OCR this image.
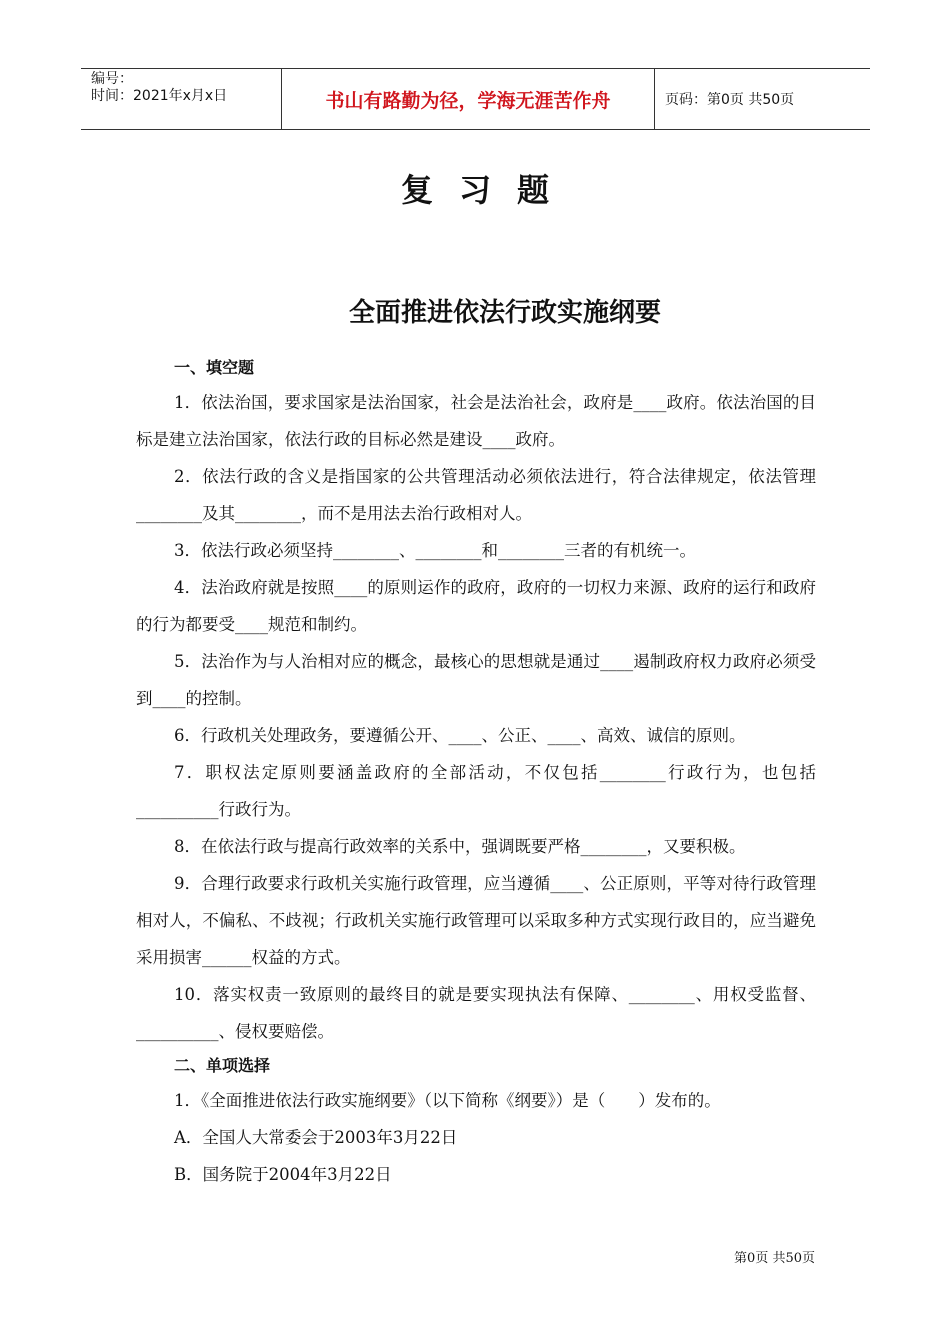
编号：
时间：2021年x月x日	书山有路勤为径，学海无涯苦作舟	页码：第0页 共50页
复习题
全面推进依法行政实施纲要
一、填空题
1．依法治国，要求国家是法治国家，社会是法治社会，政府是____政府。依法治国的目标是建立法治国家，依法行政的目标必然是建设____政府。
2．依法行政的含义是指国家的公共管理活动必须依法进行，符合法律规定，依法管理________及其________，而不是用法去治行政相对人。
3．依法行政必须坚持________、________和________三者的有机统一。
4．法治政府就是按照____的原则运作的政府，政府的一切权力来源、政府的运行和政府的行为都要受____规范和制约。
5．法治作为与人治相对应的概念，最核心的思想就是通过____遏制政府权力政府必须受到____的控制。
6．行政机关处理政务，要遵循公开、____、公正、____、高效、诚信的原则。
7．职权法定原则要涵盖政府的全部活动，不仅包括________行政行为，也包括__________行政行为。
8．在依法行政与提高行政效率的关系中，强调既要严格________，又要积极。
9．合理行政要求行政机关实施行政管理，应当遵循____、公正原则，平等对待行政管理相对人，不偏私、不歧视；行政机关实施行政管理可以采取多种方式实现行政目的，应当避免采用损害______权益的方式。
10．落实权责一致原则的最终目的就是要实现执法有保障、________、用权受监督、__________、侵权要赔偿。
二、单项选择
1．《全面推进依法行政实施纲要》（以下简称《纲要》）是（　　）发布的。
A．全国人大常委会于2003年3月22日
B．国务院于2004年3月22日
第0页 共50页
